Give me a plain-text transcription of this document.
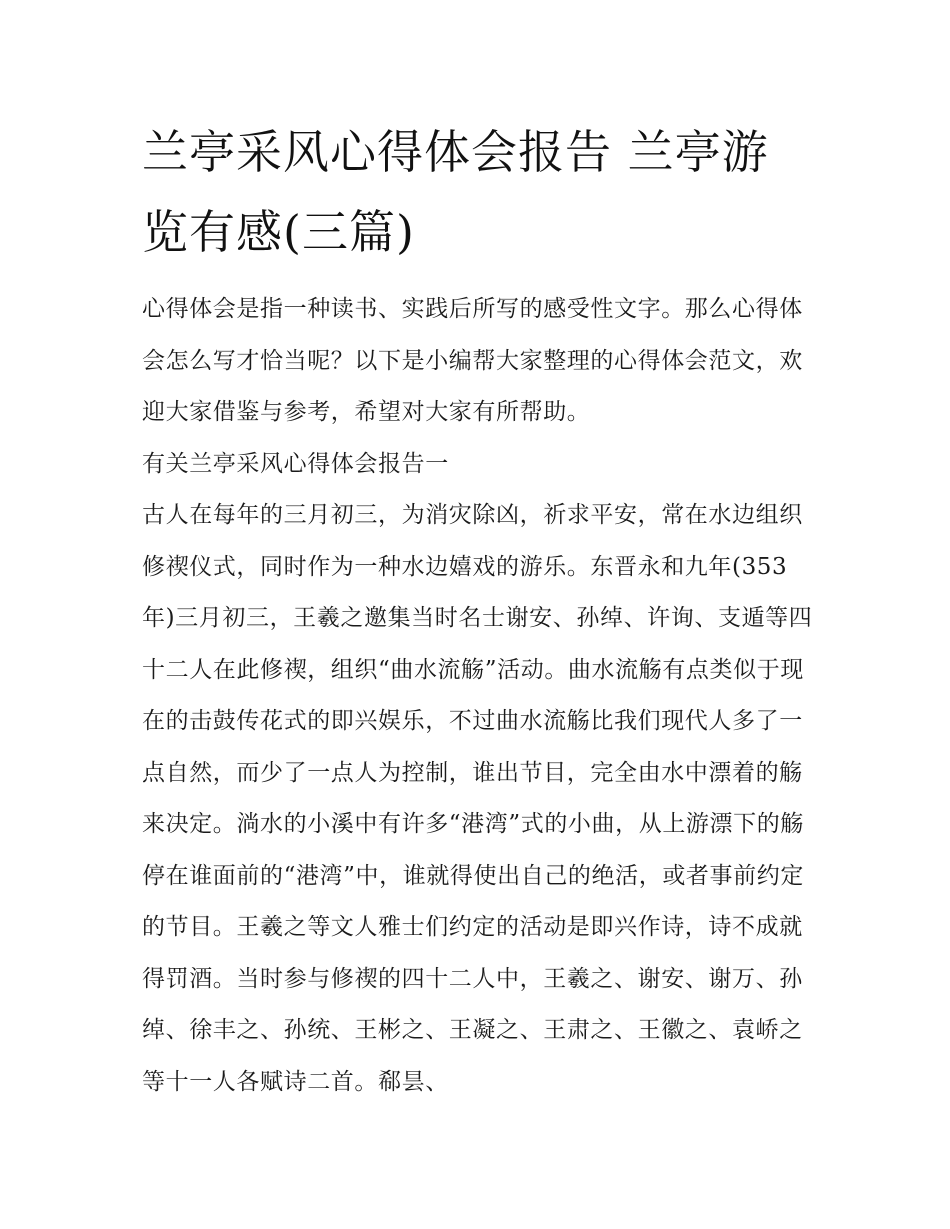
兰亭采风心得体会报告 兰亭游览有感(三篇)

心得体会是指一种读书、实践后所写的感受性文字。那么心得体会怎么写才恰当呢？以下是小编帮大家整理的心得体会范文，欢迎大家借鉴与参考，希望对大家有所帮助。

有关兰亭采风心得体会报告一

古人在每年的三月初三，为消灾除凶，祈求平安，常在水边组织修禊仪式，同时作为一种水边嬉戏的游乐。东晋永和九年(353年)三月初三，王羲之邀集当时名士谢安、孙绰、许询、支遁等四十二人在此修禊，组织“曲水流觞”活动。曲水流觞有点类似于现在的击鼓传花式的即兴娱乐，不过曲水流觞比我们现代人多了一点自然，而少了一点人为控制，谁出节目，完全由水中漂着的觞来决定。淌水的小溪中有许多“港湾”式的小曲，从上游漂下的觞停在谁面前的“港湾”中，谁就得使出自己的绝活，或者事前约定的节目。王羲之等文人雅士们约定的活动是即兴作诗，诗不成就得罚酒。当时参与修禊的四十二人中，王羲之、谢安、谢万、孙绰、徐丰之、孙统、王彬之、王凝之、王肃之、王徽之、袁峤之等十一人各赋诗二首。郗昙、
